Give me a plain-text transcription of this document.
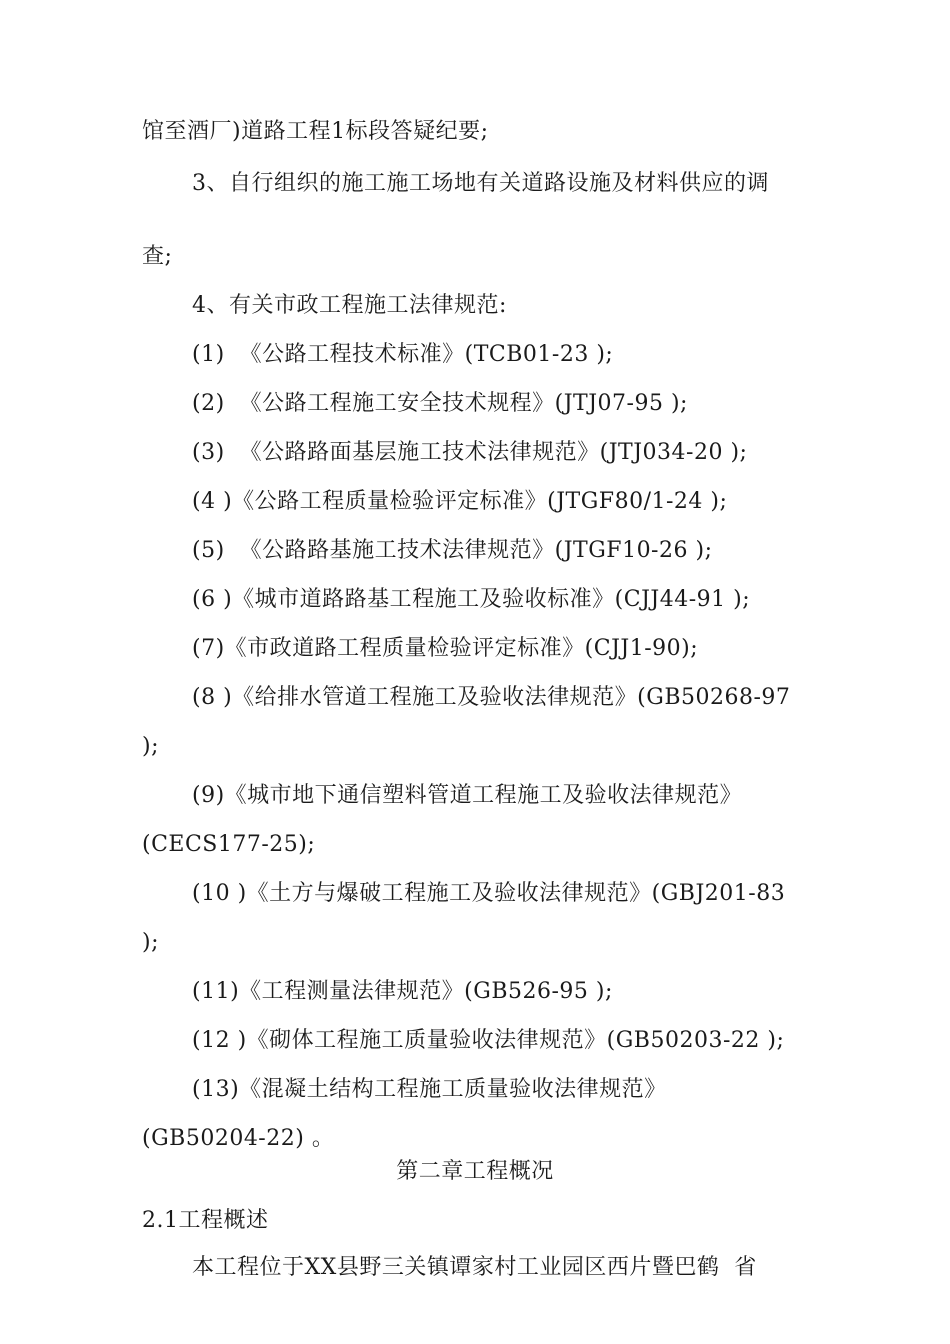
馆至酒厂)道路工程1标段答疑纪要;
3、自行组织的施工施工场地有关道路设施及材料供应的调
查;
4、有关市政工程施工法律规范:
(1)  《公路工程技术标准》(TCB01-23 );
(2)  《公路工程施工安全技术规程》(JTJ07-95 );
(3)  《公路路面基层施工技术法律规范》(JTJ034-20 );
(4 )《公路工程质量检验评定标准》(JTGF80/1-24 );
(5)  《公路路基施工技术法律规范》(JTGF10-26 );
(6 )《城市道路路基工程施工及验收标准》(CJJ44-91 );
(7)《市政道路工程质量检验评定标准》(CJJ1-90);
(8 )《给排水管道工程施工及验收法律规范》(GB50268-97
);
(9)《城市地下通信塑料管道工程施工及验收法律规范》
(CECS177-25);
(10 )《土方与爆破工程施工及验收法律规范》(GBJ201-83
);
(11)《工程测量法律规范》(GB526-95 );
(12 )《砌体工程施工质量验收法律规范》(GB50203-22 );
(13)《混凝土结构工程施工质量验收法律规范》
(GB50204-22) 。
第二章工程概况
2.1工程概述
本工程位于XX县野三关镇谭家村工业园区西片暨巴鹤  省
